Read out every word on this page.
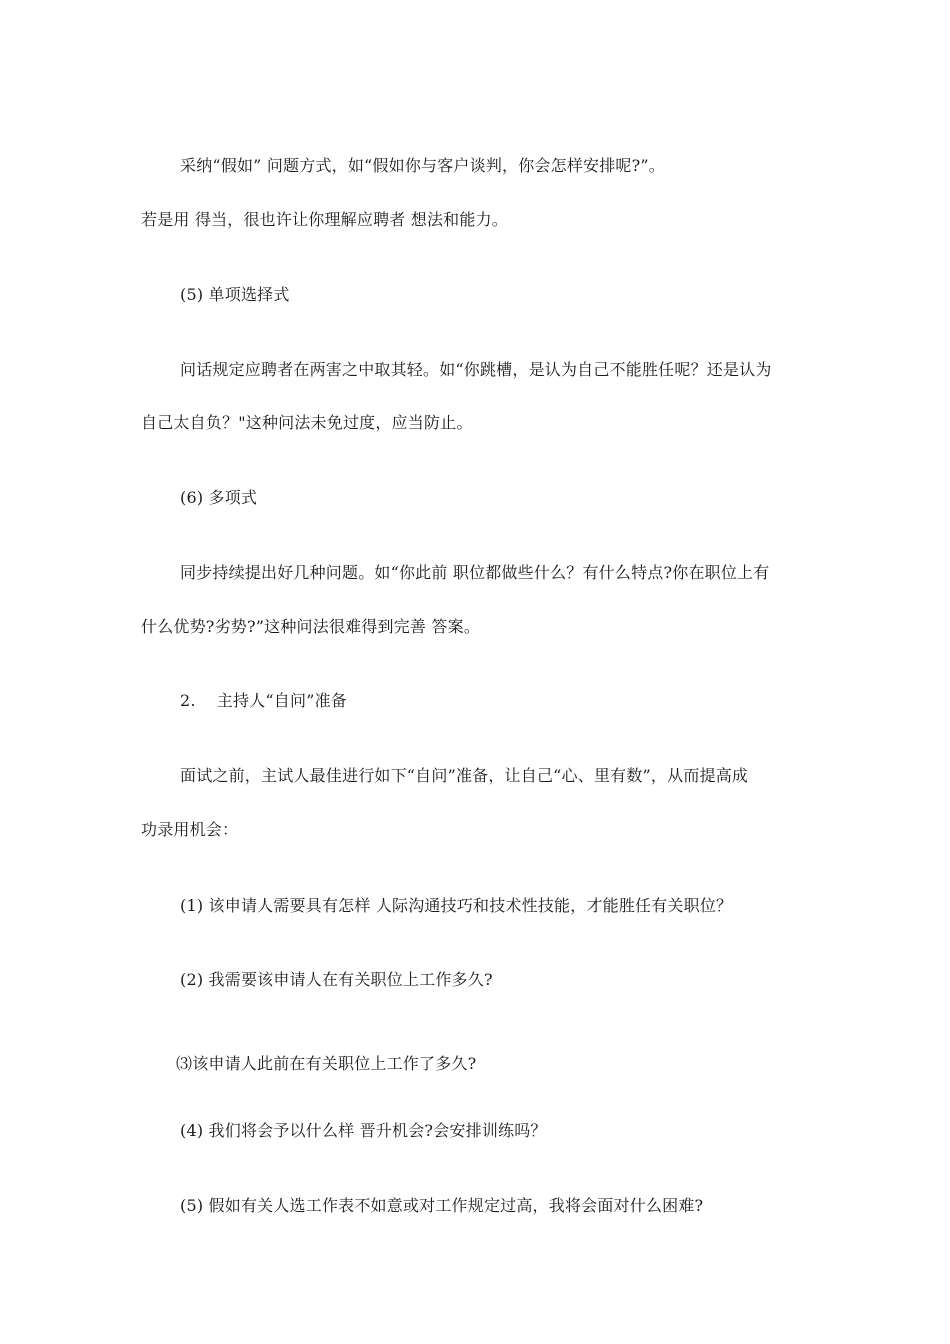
采纳“假如” 问题方式，如“假如你与客户谈判，你会怎样安排呢?”。
若是用 得当，很也许让你理解应聘者 想法和能力。
(5) 单项选择式
问话规定应聘者在两害之中取其轻。如“你跳槽，是认为自己不能胜任呢？还是认为
自己太自负？"这种问法未免过度，应当防止。
(6) 多项式
同步持续提出好几种问题。如“你此前 职位都做些什么？有什么特点?你在职位上有
什么优势?劣势?”这种问法很难得到完善 答案。
2.    主持人“自问”准备
面试之前，主试人最佳进行如下“自问”准备，让自己“心、里有数”，从而提高成
功录用机会：
(1) 该申请人需要具有怎样 人际沟通技巧和技术性技能，才能胜任有关职位？
(2) 我需要该申请人在有关职位上工作多久?
⑶该申请人此前在有关职位上工作了多久?
(4) 我们将会予以什么样 晋升机会?会安排训练吗？
(5) 假如有关人选工作表不如意或对工作规定过高，我将会面对什么困难?
